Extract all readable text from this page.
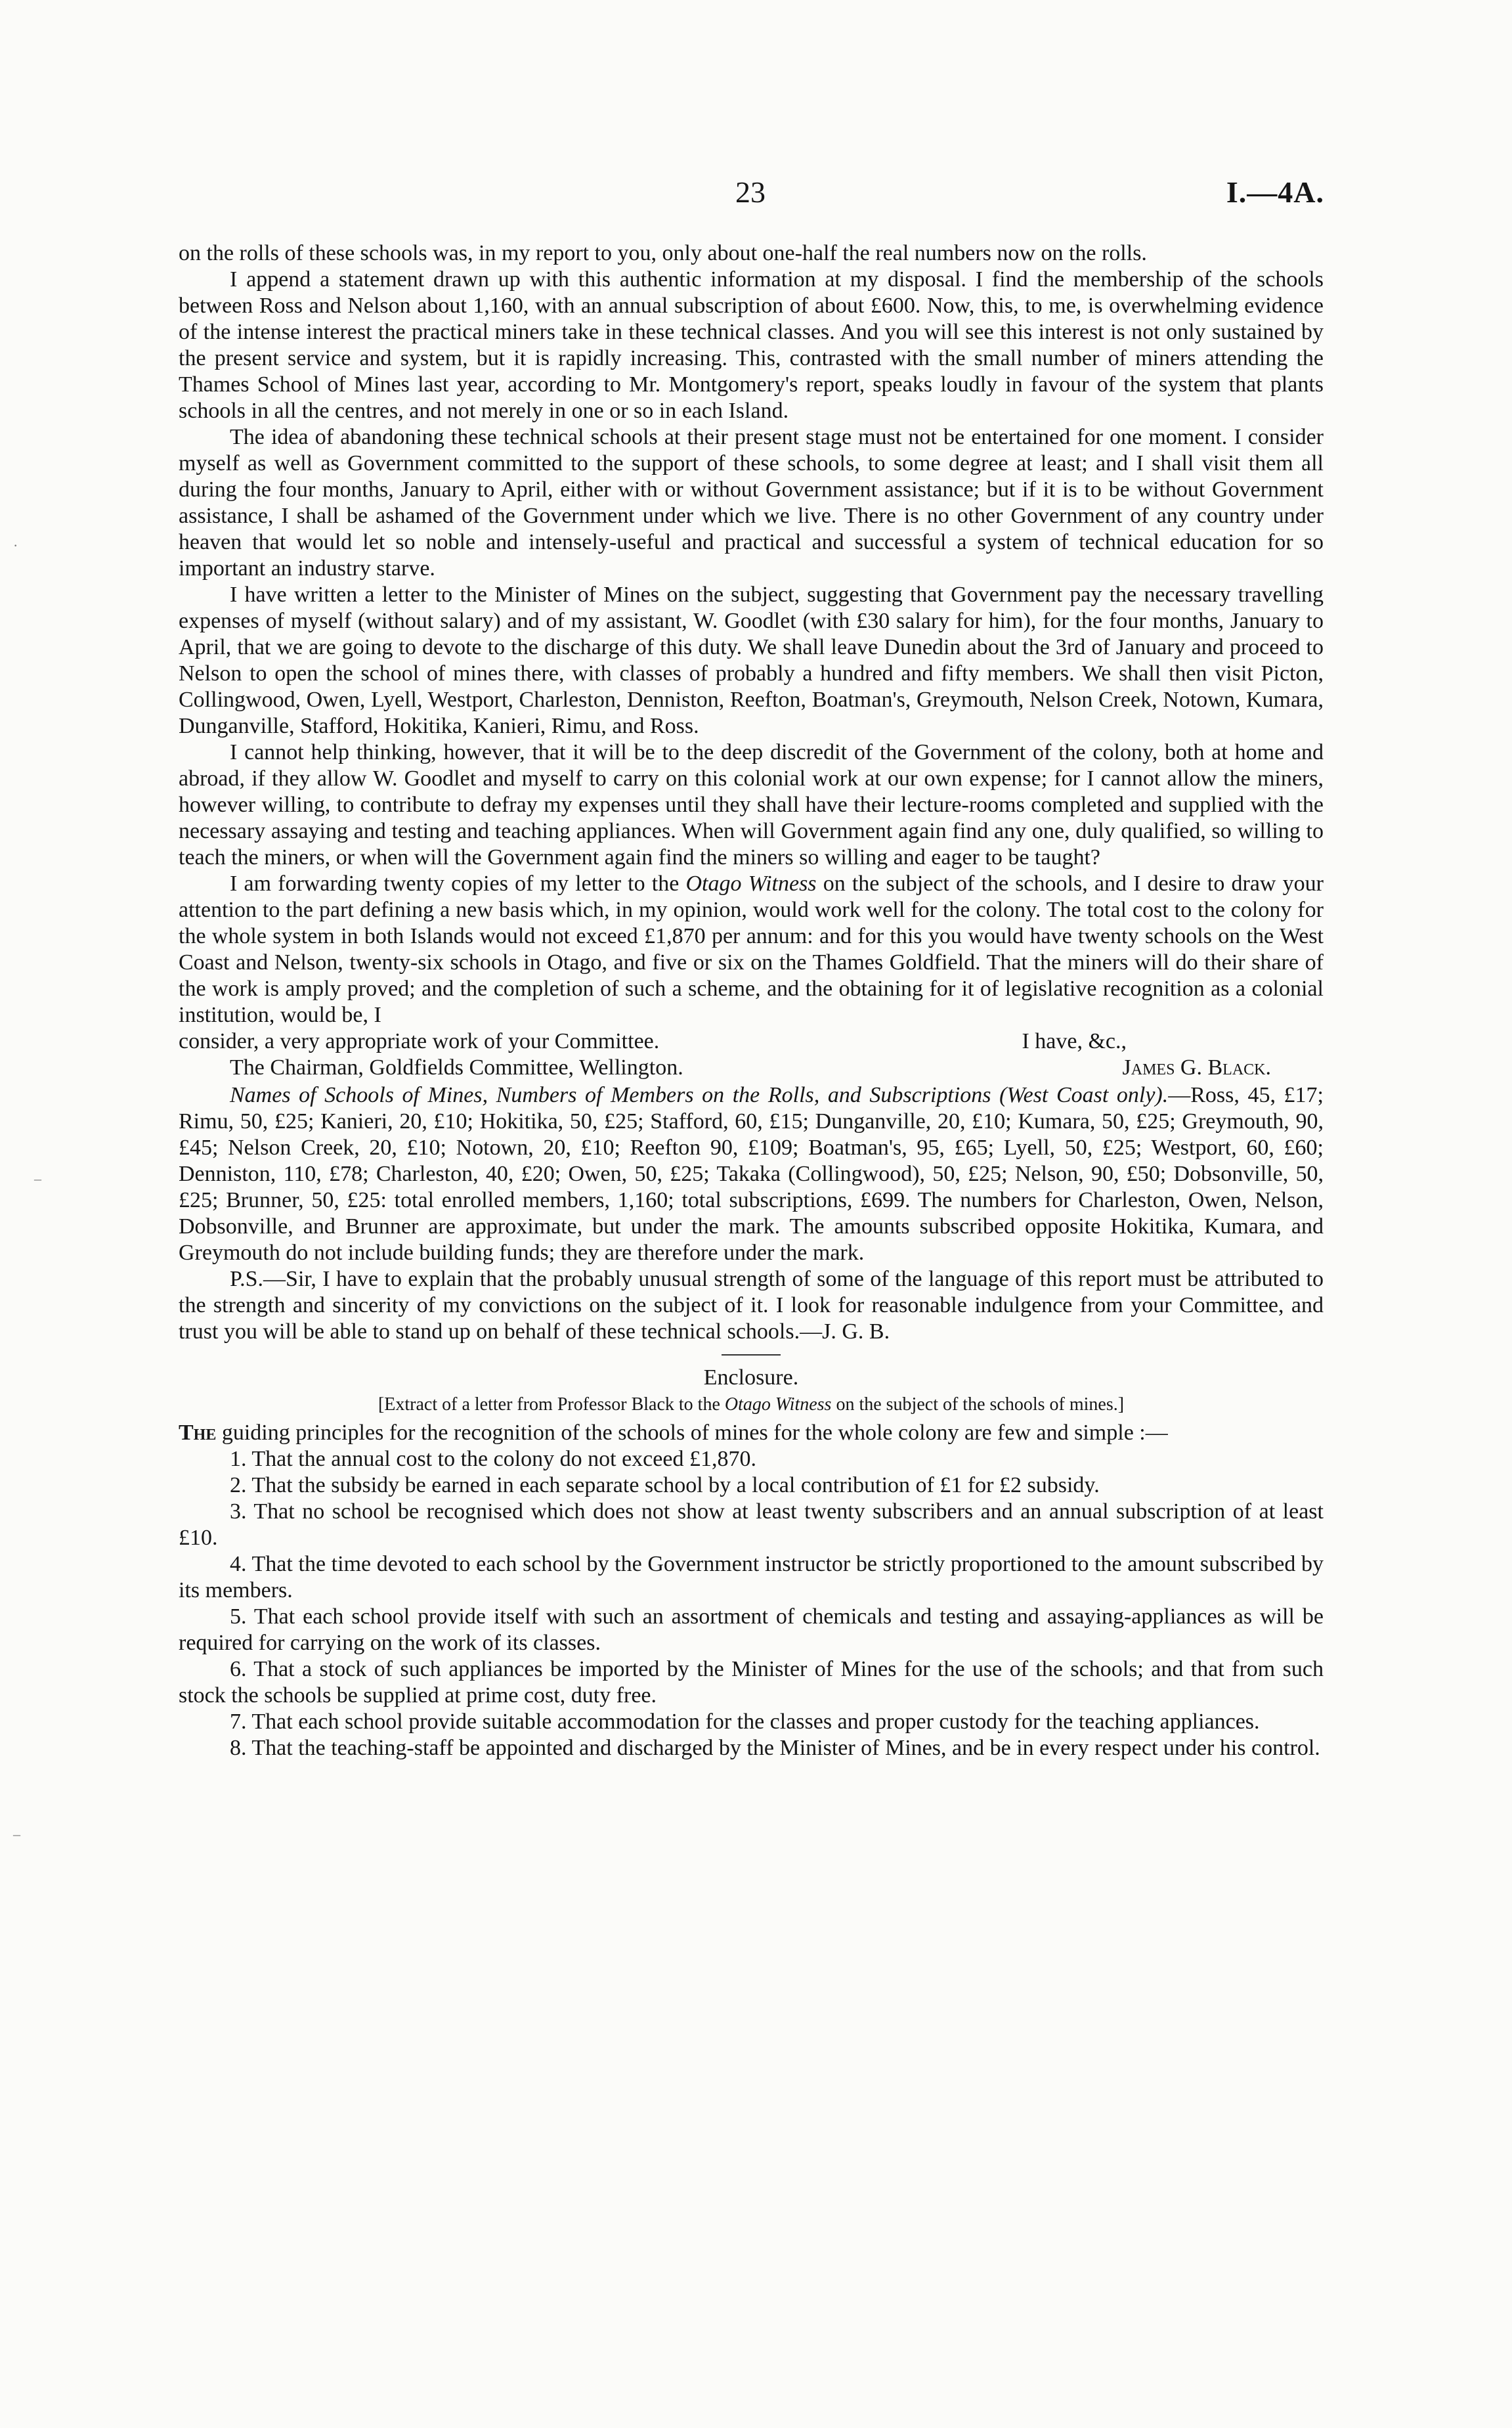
23	I.—4A.
·
–
–

on the rolls of these schools was, in my report to you, only about one-half the real numbers now on the rolls.

I append a statement drawn up with this authentic information at my disposal. I find the membership of the schools between Ross and Nelson about 1,160, with an annual subscription of about £600. Now, this, to me, is overwhelming evidence of the intense interest the practical miners take in these technical classes. And you will see this interest is not only sustained by the present service and system, but it is rapidly increasing. This, contrasted with the small number of miners attending the Thames School of Mines last year, according to Mr. Montgomery's report, speaks loudly in favour of the system that plants schools in all the centres, and not merely in one or so in each Island.

The idea of abandoning these technical schools at their present stage must not be entertained for one moment. I consider myself as well as Government committed to the support of these schools, to some degree at least; and I shall visit them all during the four months, January to April, either with or without Government assistance; but if it is to be without Government assistance, I shall be ashamed of the Government under which we live. There is no other Government of any country under heaven that would let so noble and intensely-useful and practical and successful a system of technical education for so important an industry starve.

I have written a letter to the Minister of Mines on the subject, suggesting that Government pay the necessary travelling expenses of myself (without salary) and of my assistant, W. Goodlet (with £30 salary for him), for the four months, January to April, that we are going to devote to the discharge of this duty. We shall leave Dunedin about the 3rd of January and proceed to Nelson to open the school of mines there, with classes of probably a hundred and fifty members. We shall then visit Picton, Collingwood, Owen, Lyell, Westport, Charleston, Denniston, Reefton, Boatman's, Greymouth, Nelson Creek, Notown, Kumara, Dunganville, Stafford, Hokitika, Kanieri, Rimu, and Ross.

I cannot help thinking, however, that it will be to the deep discredit of the Government of the colony, both at home and abroad, if they allow W. Goodlet and myself to carry on this colonial work at our own expense; for I cannot allow the miners, however willing, to contribute to defray my expenses until they shall have their lecture-rooms completed and supplied with the necessary assaying and testing and teaching appliances. When will Government again find any one, duly qualified, so willing to teach the miners, or when will the Government again find the miners so willing and eager to be taught?

I am forwarding twenty copies of my letter to the Otago Witness on the subject of the schools, and I desire to draw your attention to the part defining a new basis which, in my opinion, would work well for the colony. The total cost to the colony for the whole system in both Islands would not exceed £1,870 per annum: and for this you would have twenty schools on the West Coast and Nelson, twenty-six schools in Otago, and five or six on the Thames Goldfield. That the miners will do their share of the work is amply proved; and the completion of such a scheme, and the obtaining for it of legislative recognition as a colonial institution, would be, I

consider, a very appropriate work of your Committee.	I have, &c.,
The Chairman, Goldfields Committee, Wellington.	James G. Black.

Names of Schools of Mines, Numbers of Members on the Rolls, and Subscriptions (West Coast only).—Ross, 45, £17; Rimu, 50, £25; Kanieri, 20, £10; Hokitika, 50, £25; Stafford, 60, £15; Dunganville, 20, £10; Kumara, 50, £25; Greymouth, 90, £45; Nelson Creek, 20, £10; Notown, 20, £10; Reefton 90, £109; Boatman's, 95, £65; Lyell, 50, £25; Westport, 60, £60; Denniston, 110, £78; Charleston, 40, £20; Owen, 50, £25; Takaka (Collingwood), 50, £25; Nelson, 90, £50; Dobsonville, 50, £25; Brunner, 50, £25: total enrolled members, 1,160; total subscriptions, £699. The numbers for Charleston, Owen, Nelson, Dobsonville, and Brunner are approximate, but under the mark. The amounts subscribed opposite Hokitika, Kumara, and Greymouth do not include building funds; they are therefore under the mark.

P.S.—Sir, I have to explain that the probably unusual strength of some of the language of this report must be attributed to the strength and sincerity of my convictions on the subject of it. I look for reasonable indulgence from your Committee, and trust you will be able to stand up on behalf of these technical schools.—J. G. B.

Enclosure.
[Extract of a letter from Professor Black to the Otago Witness on the subject of the schools of mines.]

The guiding principles for the recognition of the schools of mines for the whole colony are few and simple :—

1. That the annual cost to the colony do not exceed £1,870.

2. That the subsidy be earned in each separate school by a local contribution of £1 for £2 subsidy.

3. That no school be recognised which does not show at least twenty subscribers and an annual subscription of at least £10.

4. That the time devoted to each school by the Government instructor be strictly proportioned to the amount subscribed by its members.

5. That each school provide itself with such an assortment of chemicals and testing and assaying-appliances as will be required for carrying on the work of its classes.

6. That a stock of such appliances be imported by the Minister of Mines for the use of the schools; and that from such stock the schools be supplied at prime cost, duty free.

7. That each school provide suitable accommodation for the classes and proper custody for the teaching appliances.

8. That the teaching-staff be appointed and discharged by the Minister of Mines, and be in every respect under his control.
